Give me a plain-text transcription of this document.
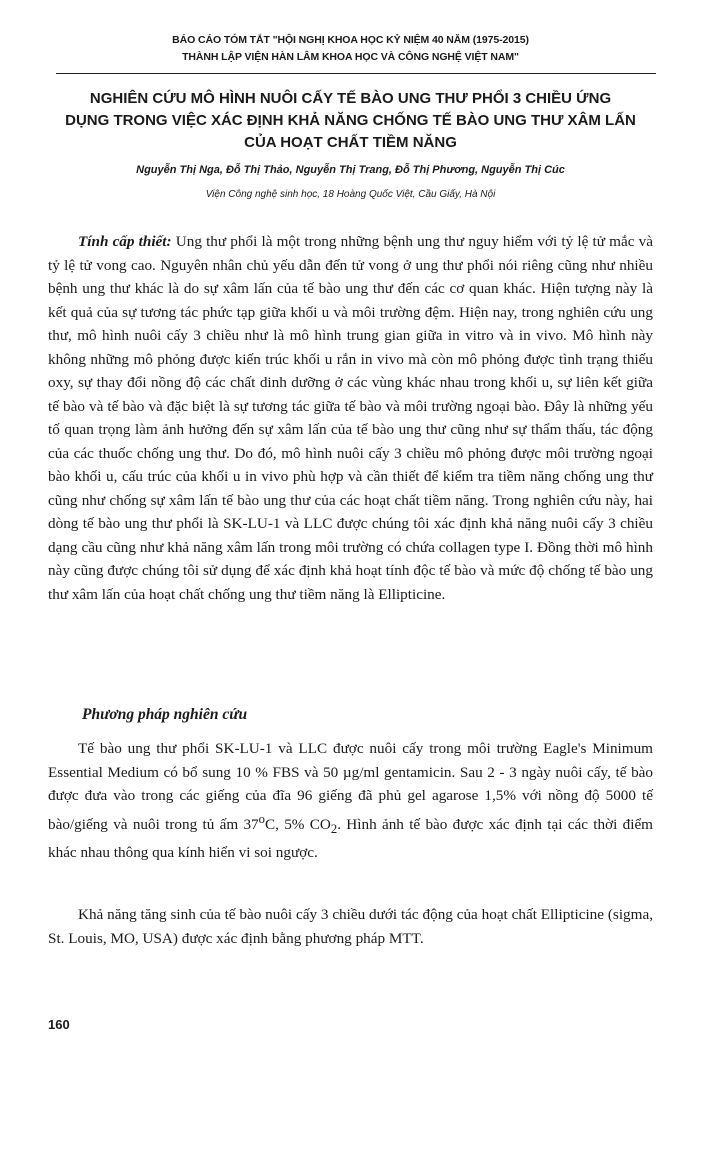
BÁO CÁO TÓM TẮT "HỘI NGHỊ KHOA HỌC KỶ NIỆM 40 NĂM (1975-2015)
THÀNH LẬP VIỆN HÀN LÂM KHOA HỌC VÀ CÔNG NGHỆ VIỆT NAM"
NGHIÊN CỨU MÔ HÌNH NUÔI CẤY TẾ BÀO UNG THƯ PHỔI 3 CHIỀU ỨNG
DỤNG TRONG VIỆC XÁC ĐỊNH KHẢ NĂNG CHỐNG TẾ BÀO UNG THƯ XÂM LẤN
CỦA HOẠT CHẤT TIỀM NĂNG
Nguyễn Thị Nga, Đỗ Thị Thảo, Nguyễn Thị Trang, Đỗ Thị Phương, Nguyễn Thị Cúc
Viện Công nghệ sinh học, 18 Hoàng Quốc Việt, Cầu Giấy, Hà Nội

Tính cấp thiết: Ung thư phổi là một trong những bệnh ung thư nguy hiểm với tỷ lệ tử mắc và tỷ lệ tử vong cao. Nguyên nhân chủ yếu dẫn đến tử vong ở ung thư phổi nói riêng cũng như nhiều bệnh ung thư khác là do sự xâm lấn của tế bào ung thư đến các cơ quan khác. Hiện tượng này là kết quả của sự tương tác phức tạp giữa khối u và môi trường đệm. Hiện nay, trong nghiên cứu ung thư, mô hình nuôi cấy 3 chiều như là mô hình trung gian giữa in vitro và in vivo. Mô hình này không những mô phỏng được kiến trúc khối u rắn in vivo mà còn mô phỏng được tình trạng thiếu oxy, sự thay đổi nồng độ các chất dinh dưỡng ở các vùng khác nhau trong khối u, sự liên kết giữa tế bào và tế bào và đặc biệt là sự tương tác giữa tế bào và môi trường ngoại bào. Đây là những yếu tố quan trọng làm ảnh hưởng đến sự xâm lấn của tế bào ung thư cũng như sự thẩm thấu, tác động của các thuốc chống ung thư. Do đó, mô hình nuôi cấy 3 chiều mô phỏng được môi trường ngoại bào khối u, cấu trúc của khối u in vivo phù hợp và cần thiết để kiểm tra tiềm năng chống ung thư cũng như chống sự xâm lấn tế bào ung thư của các hoạt chất tiềm năng. Trong nghiên cứu này, hai dòng tế bào ung thư phổi là SK-LU-1 và LLC được chúng tôi xác định khả năng nuôi cấy 3 chiều dạng cầu cũng như khả năng xâm lấn trong môi trường có chứa collagen type I. Đồng thời mô hình này cũng được chúng tôi sử dụng để xác định khả hoạt tính độc tế bào và mức độ chống tế bào ung thư xâm lấn của hoạt chất chống ung thư tiềm năng là Ellipticine.

Phương pháp nghiên cứu

Tế bào ung thư phổi SK-LU-1 và LLC được nuôi cấy trong môi trường Eagle's Minimum Essential Medium có bổ sung 10 % FBS và 50 µg/ml gentamicin. Sau 2 - 3 ngày nuôi cấy, tế bào được đưa vào trong các giếng của đĩa 96 giếng đã phủ gel agarose 1,5% với nồng độ 5000 tế bào/giếng và nuôi trong tủ ấm 37$^o$C, 5% $CO_2$. Hình ảnh tế bào được xác định tại các thời điểm khác nhau thông qua kính hiển vi soi ngược.

Khả năng tăng sinh của tế bào nuôi cấy 3 chiều dưới tác động của hoạt chất Ellipticine (sigma, St. Louis, MO, USA) được xác định bằng phương pháp MTT.

160
